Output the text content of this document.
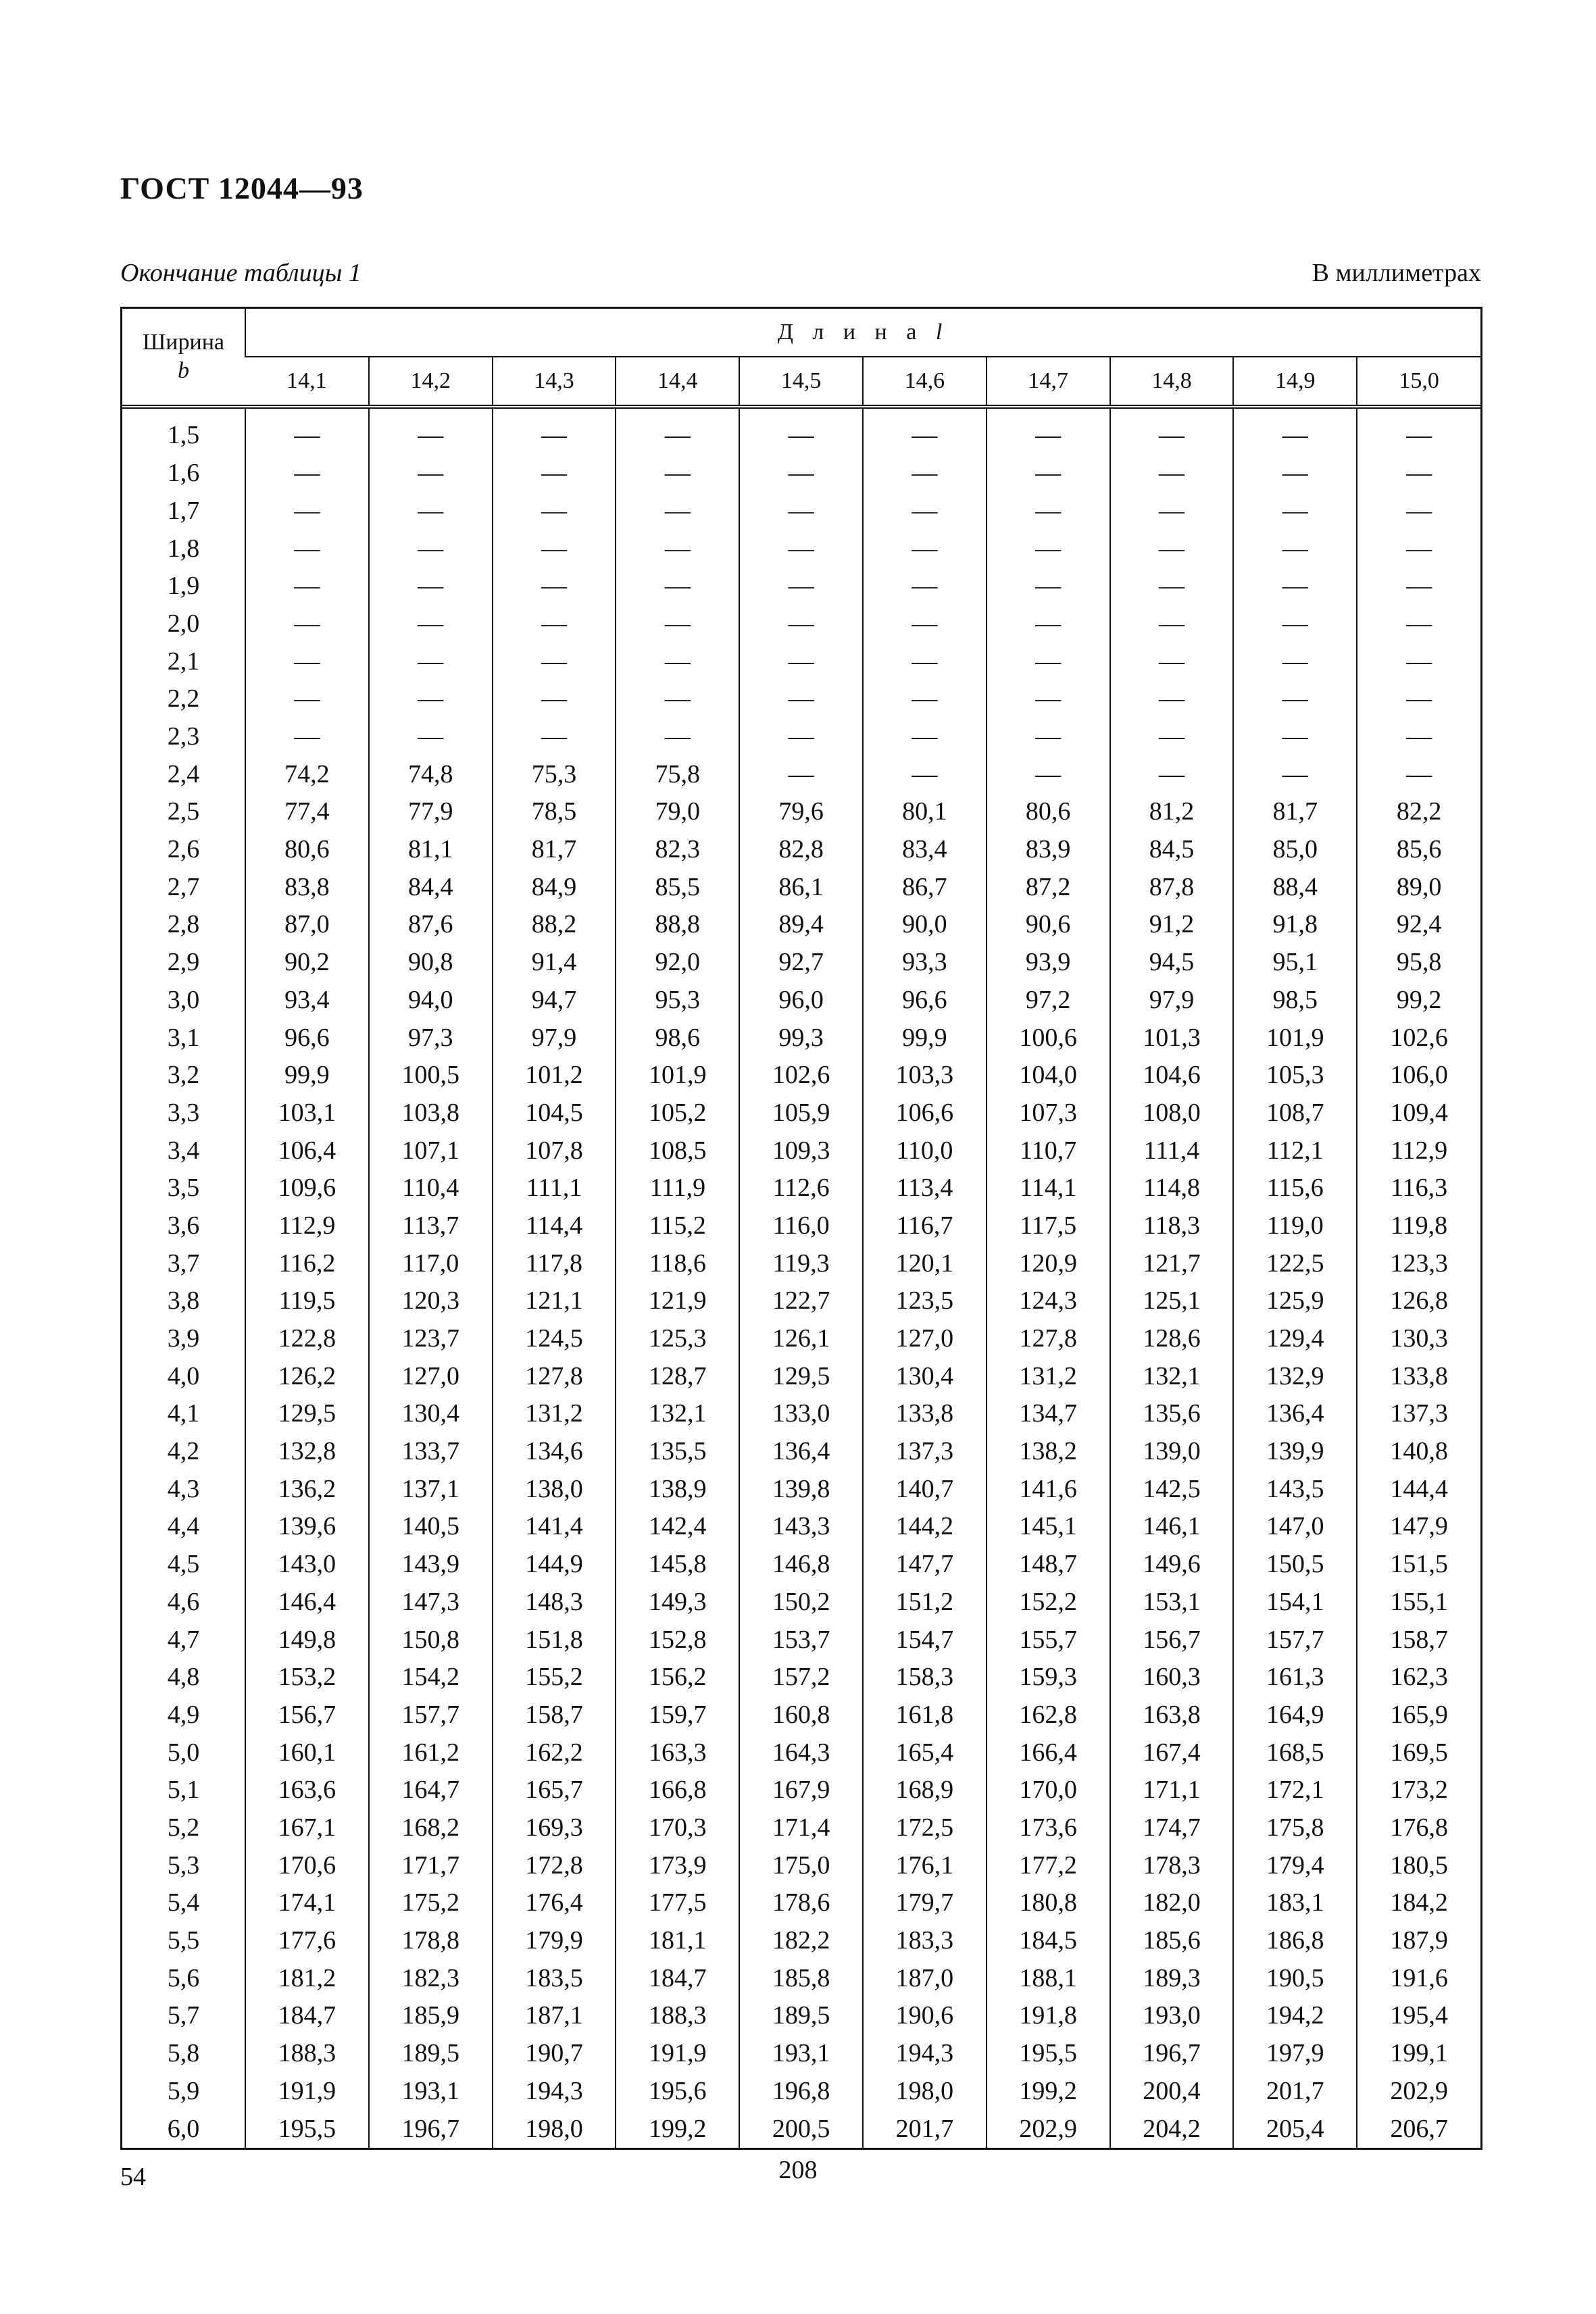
ГОСТ 12044—93
Окончание таблицы 1	В миллиметрах
Ширина
b	Д л и н а l									
	14,1	14,2	14,3	14,4	14,5	14,6	14,7	14,8	14,9	15,0
1,5	—	—	—	—	—	—	—	—	—	—
1,6	—	—	—	—	—	—	—	—	—	—
1,7	—	—	—	—	—	—	—	—	—	—
1,8	—	—	—	—	—	—	—	—	—	—
1,9	—	—	—	—	—	—	—	—	—	—
2,0	—	—	—	—	—	—	—	—	—	—
2,1	—	—	—	—	—	—	—	—	—	—
2,2	—	—	—	—	—	—	—	—	—	—
2,3	—	—	—	—	—	—	—	—	—	—
2,4	74,2	74,8	75,3	75,8	—	—	—	—	—	—
2,5	77,4	77,9	78,5	79,0	79,6	80,1	80,6	81,2	81,7	82,2
2,6	80,6	81,1	81,7	82,3	82,8	83,4	83,9	84,5	85,0	85,6
2,7	83,8	84,4	84,9	85,5	86,1	86,7	87,2	87,8	88,4	89,0
2,8	87,0	87,6	88,2	88,8	89,4	90,0	90,6	91,2	91,8	92,4
2,9	90,2	90,8	91,4	92,0	92,7	93,3	93,9	94,5	95,1	95,8
3,0	93,4	94,0	94,7	95,3	96,0	96,6	97,2	97,9	98,5	99,2
3,1	96,6	97,3	97,9	98,6	99,3	99,9	100,6	101,3	101,9	102,6
3,2	99,9	100,5	101,2	101,9	102,6	103,3	104,0	104,6	105,3	106,0
3,3	103,1	103,8	104,5	105,2	105,9	106,6	107,3	108,0	108,7	109,4
3,4	106,4	107,1	107,8	108,5	109,3	110,0	110,7	111,4	112,1	112,9
3,5	109,6	110,4	111,1	111,9	112,6	113,4	114,1	114,8	115,6	116,3
3,6	112,9	113,7	114,4	115,2	116,0	116,7	117,5	118,3	119,0	119,8
3,7	116,2	117,0	117,8	118,6	119,3	120,1	120,9	121,7	122,5	123,3
3,8	119,5	120,3	121,1	121,9	122,7	123,5	124,3	125,1	125,9	126,8
3,9	122,8	123,7	124,5	125,3	126,1	127,0	127,8	128,6	129,4	130,3
4,0	126,2	127,0	127,8	128,7	129,5	130,4	131,2	132,1	132,9	133,8
4,1	129,5	130,4	131,2	132,1	133,0	133,8	134,7	135,6	136,4	137,3
4,2	132,8	133,7	134,6	135,5	136,4	137,3	138,2	139,0	139,9	140,8
4,3	136,2	137,1	138,0	138,9	139,8	140,7	141,6	142,5	143,5	144,4
4,4	139,6	140,5	141,4	142,4	143,3	144,2	145,1	146,1	147,0	147,9
4,5	143,0	143,9	144,9	145,8	146,8	147,7	148,7	149,6	150,5	151,5
4,6	146,4	147,3	148,3	149,3	150,2	151,2	152,2	153,1	154,1	155,1
4,7	149,8	150,8	151,8	152,8	153,7	154,7	155,7	156,7	157,7	158,7
4,8	153,2	154,2	155,2	156,2	157,2	158,3	159,3	160,3	161,3	162,3
4,9	156,7	157,7	158,7	159,7	160,8	161,8	162,8	163,8	164,9	165,9
5,0	160,1	161,2	162,2	163,3	164,3	165,4	166,4	167,4	168,5	169,5
5,1	163,6	164,7	165,7	166,8	167,9	168,9	170,0	171,1	172,1	173,2
5,2	167,1	168,2	169,3	170,3	171,4	172,5	173,6	174,7	175,8	176,8
5,3	170,6	171,7	172,8	173,9	175,0	176,1	177,2	178,3	179,4	180,5
5,4	174,1	175,2	176,4	177,5	178,6	179,7	180,8	182,0	183,1	184,2
5,5	177,6	178,8	179,9	181,1	182,2	183,3	184,5	185,6	186,8	187,9
5,6	181,2	182,3	183,5	184,7	185,8	187,0	188,1	189,3	190,5	191,6
5,7	184,7	185,9	187,1	188,3	189,5	190,6	191,8	193,0	194,2	195,4
5,8	188,3	189,5	190,7	191,9	193,1	194,3	195,5	196,7	197,9	199,1
5,9	191,9	193,1	194,3	195,6	196,8	198,0	199,2	200,4	201,7	202,9
6,0	195,5	196,7	198,0	199,2	200,5	201,7	202,9	204,2	205,4	206,7
54	208
